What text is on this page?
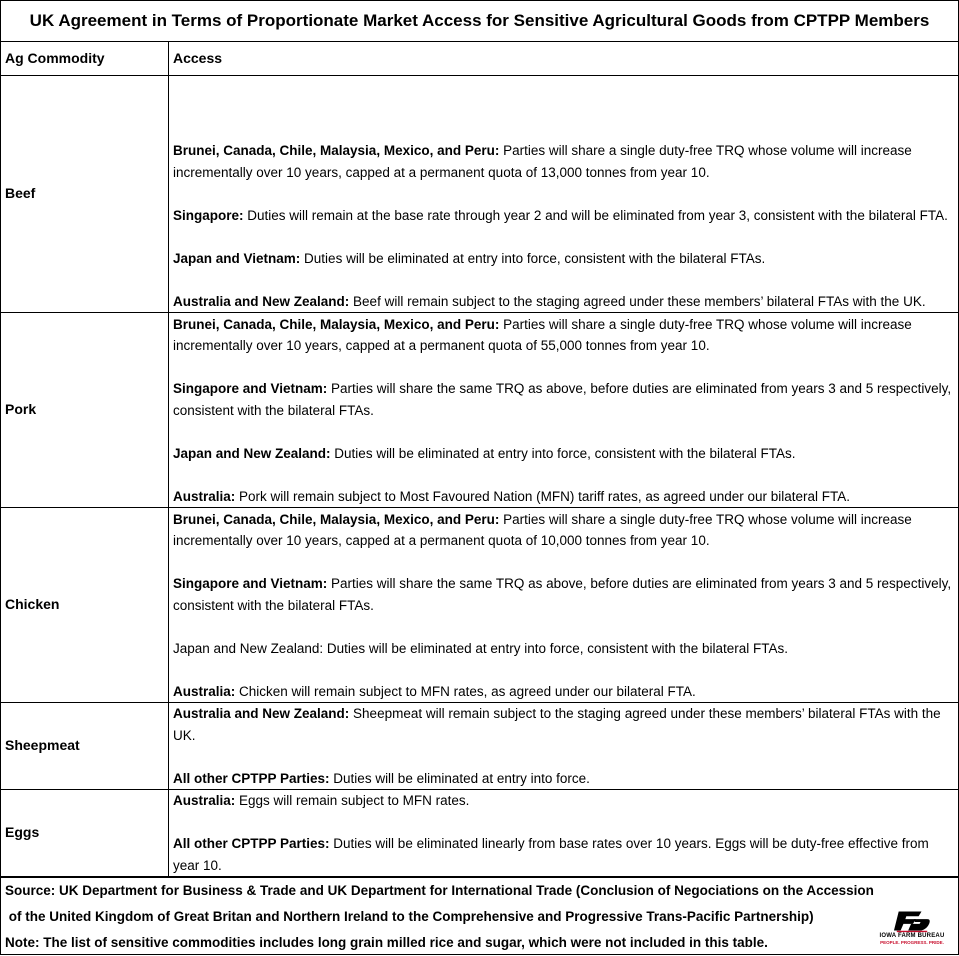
UK Agreement in Terms of Proportionate Market Access for Sensitive Agricultural Goods from CPTPP Members
Ag Commodity	Access
Beef	Brunei, Canada, Chile, Malaysia, Mexico, and Peru: Parties will share a single duty-free TRQ whose volume will increase incrementally over 10 years, capped at a permanent quota of 13,000 tonnes from year 10.
Singapore: Duties will remain at the base rate through year 2 and will be eliminated from year 3, consistent with the bilateral FTA.
Japan and Vietnam: Duties will be eliminated at entry into force, consistent with the bilateral FTAs.
Australia and New Zealand: Beef will remain subject to the staging agreed under these members’ bilateral FTAs with the UK.

Pork	Brunei, Canada, Chile, Malaysia, Mexico, and Peru: Parties will share a single duty-free TRQ whose volume will increase incrementally over 10 years, capped at a permanent quota of 55,000 tonnes from year 10.
Singapore and Vietnam: Parties will share the same TRQ as above, before duties are eliminated from years 3 and 5 respectively, consistent with the bilateral FTAs.
Japan and New Zealand: Duties will be eliminated at entry into force, consistent with the bilateral FTAs.
Australia: Pork will remain subject to Most Favoured Nation (MFN) tariff rates, as agreed under our bilateral FTA.

Chicken	Brunei, Canada, Chile, Malaysia, Mexico, and Peru: Parties will share a single duty-free TRQ whose volume will increase incrementally over 10 years, capped at a permanent quota of 10,000 tonnes from year 10.
Singapore and Vietnam: Parties will share the same TRQ as above, before duties are eliminated from years 3 and 5 respectively, consistent with the bilateral FTAs.
Japan and New Zealand: Duties will be eliminated at entry into force, consistent with the bilateral FTAs.
Australia: Chicken will remain subject to MFN rates, as agreed under our bilateral FTA.

Sheepmeat	Australia and New Zealand: Sheepmeat will remain subject to the staging agreed under these members’ bilateral FTAs with the UK.
All other CPTPP Parties: Duties will be eliminated at entry into force.

Eggs	Australia: Eggs will remain subject to MFN rates.
All other CPTPP Parties: Duties will be eliminated linearly from base rates over 10 years. Eggs will be duty-free effective from year 10.
Source: UK Department for Business & Trade and UK Department for International Trade (Conclusion of Negociations on the Accession
of the United Kingdom of Great Britan and Northern Ireland to the Comprehensive and Progressive Trans-Pacific Partnership)
Note: The list of sensitive commodities includes long grain milled rice and sugar, which were not included in this table.	IOWA FARM BUREAU
PEOPLE. PROGRESS. PRIDE.
